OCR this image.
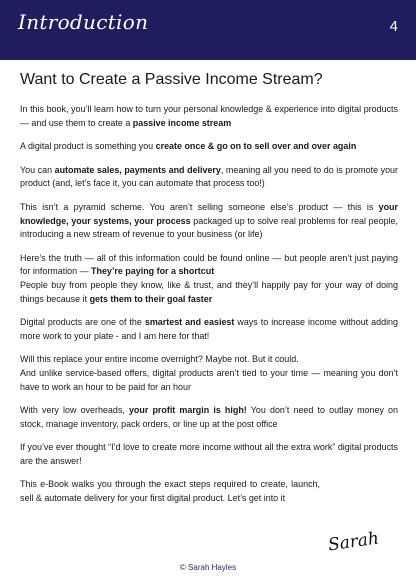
Introduction	4
Want to Create a Passive Income Stream?

In this book, you’ll learn how to turn your personal knowledge & experience into digital products — and use them to create a passive income stream

A digital product is something you create once & go on to sell over and over again

You can automate sales, payments and delivery, meaning all you need to do is promote your product (and, let’s face it, you can automate that process too!)

This isn’t a pyramid scheme. You aren’t selling someone else’s product — this is your knowledge, your systems, your process packaged up to solve real problems for real people, introducing a new stream of revenue to your business (or life)

Here’s the truth — all of this information could be found online — but people aren’t just paying for information — They’re paying for a shortcut
People buy from people they know, like & trust, and they’ll happily pay for your way of doing things because it gets them to their goal faster

Digital products are one of the smartest and easiest ways to increase income without adding more work to your plate - and I am here for that!

Will this replace your entire income overnight? Maybe not. But it could.
And unlike service-based offers, digital products aren’t tied to your time — meaning you don’t have to work an hour to be paid for an hour

With very low overheads, your profit margin is high! You don’t need to outlay money on stock, manage inventory, pack orders, or line up at the post office

If you’ve ever thought “I’d love to create more income without all the extra work” digital products are the answer!

This e-Book walks you through the exact steps required to create, launch, sell & automate delivery for your first digital product. Let’s get into it

Sarah
© Sarah Hayles
